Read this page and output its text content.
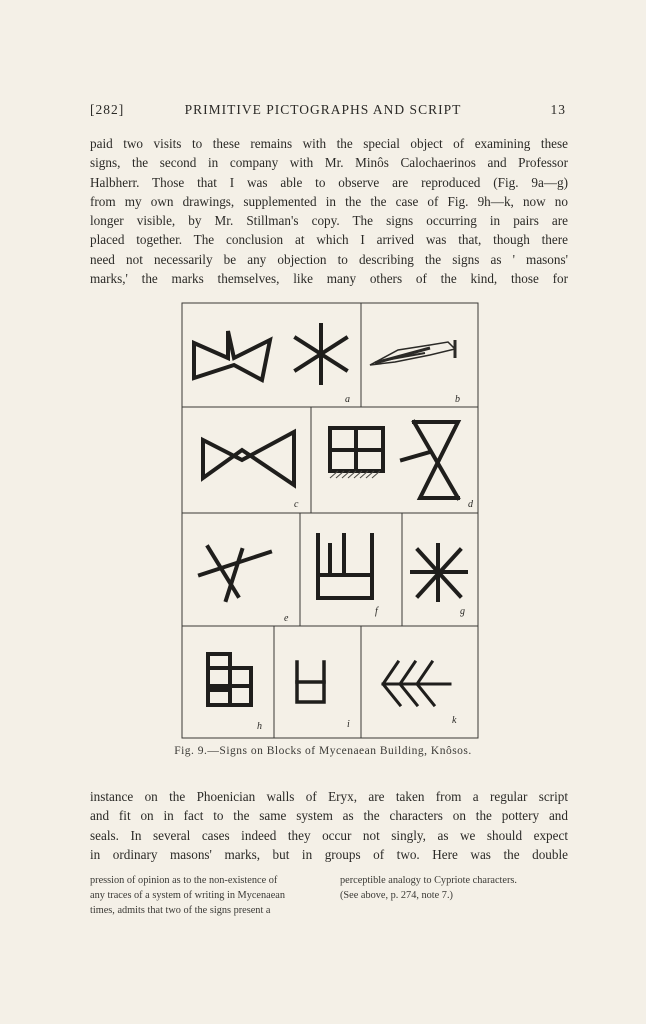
[282]	PRIMITIVE PICTOGRAPHS AND SCRIPT	13
paid two visits to these remains with the special object of examining these
signs, the second in company with Mr. Minôs Calochaerinos and Professor
Halbherr. Those that I was able to observe are reproduced (Fig. 9a—g)
from my own drawings, supplemented in the the case of Fig. 9h—k, now no
longer visible, by Mr. Stillman's copy. The signs occurring in pairs are
placed together. The conclusion at which I arrived was that, though there
need not necessarily be any objection to describing the signs as ' masons'
marks,' the marks themselves, like many others of the kind, those for
a	b
c	d
e
f	g
h	i	k
Fig. 9.—Signs on Blocks of Mycenaean Building, Knôsos.
instance on the Phoenician walls of Eryx, are taken from a regular script
and fit on in fact to the same system as the characters on the pottery and
seals. In several cases indeed they occur not singly, as we should expect
in ordinary masons' marks, but in groups of two. Here was the double
pression of opinion as to the non-existence of
any traces of a system of writing in Mycenaean
times, admits that two of the signs present a
perceptible analogy to Cypriote characters.
(See above, p. 274, note 7.)
